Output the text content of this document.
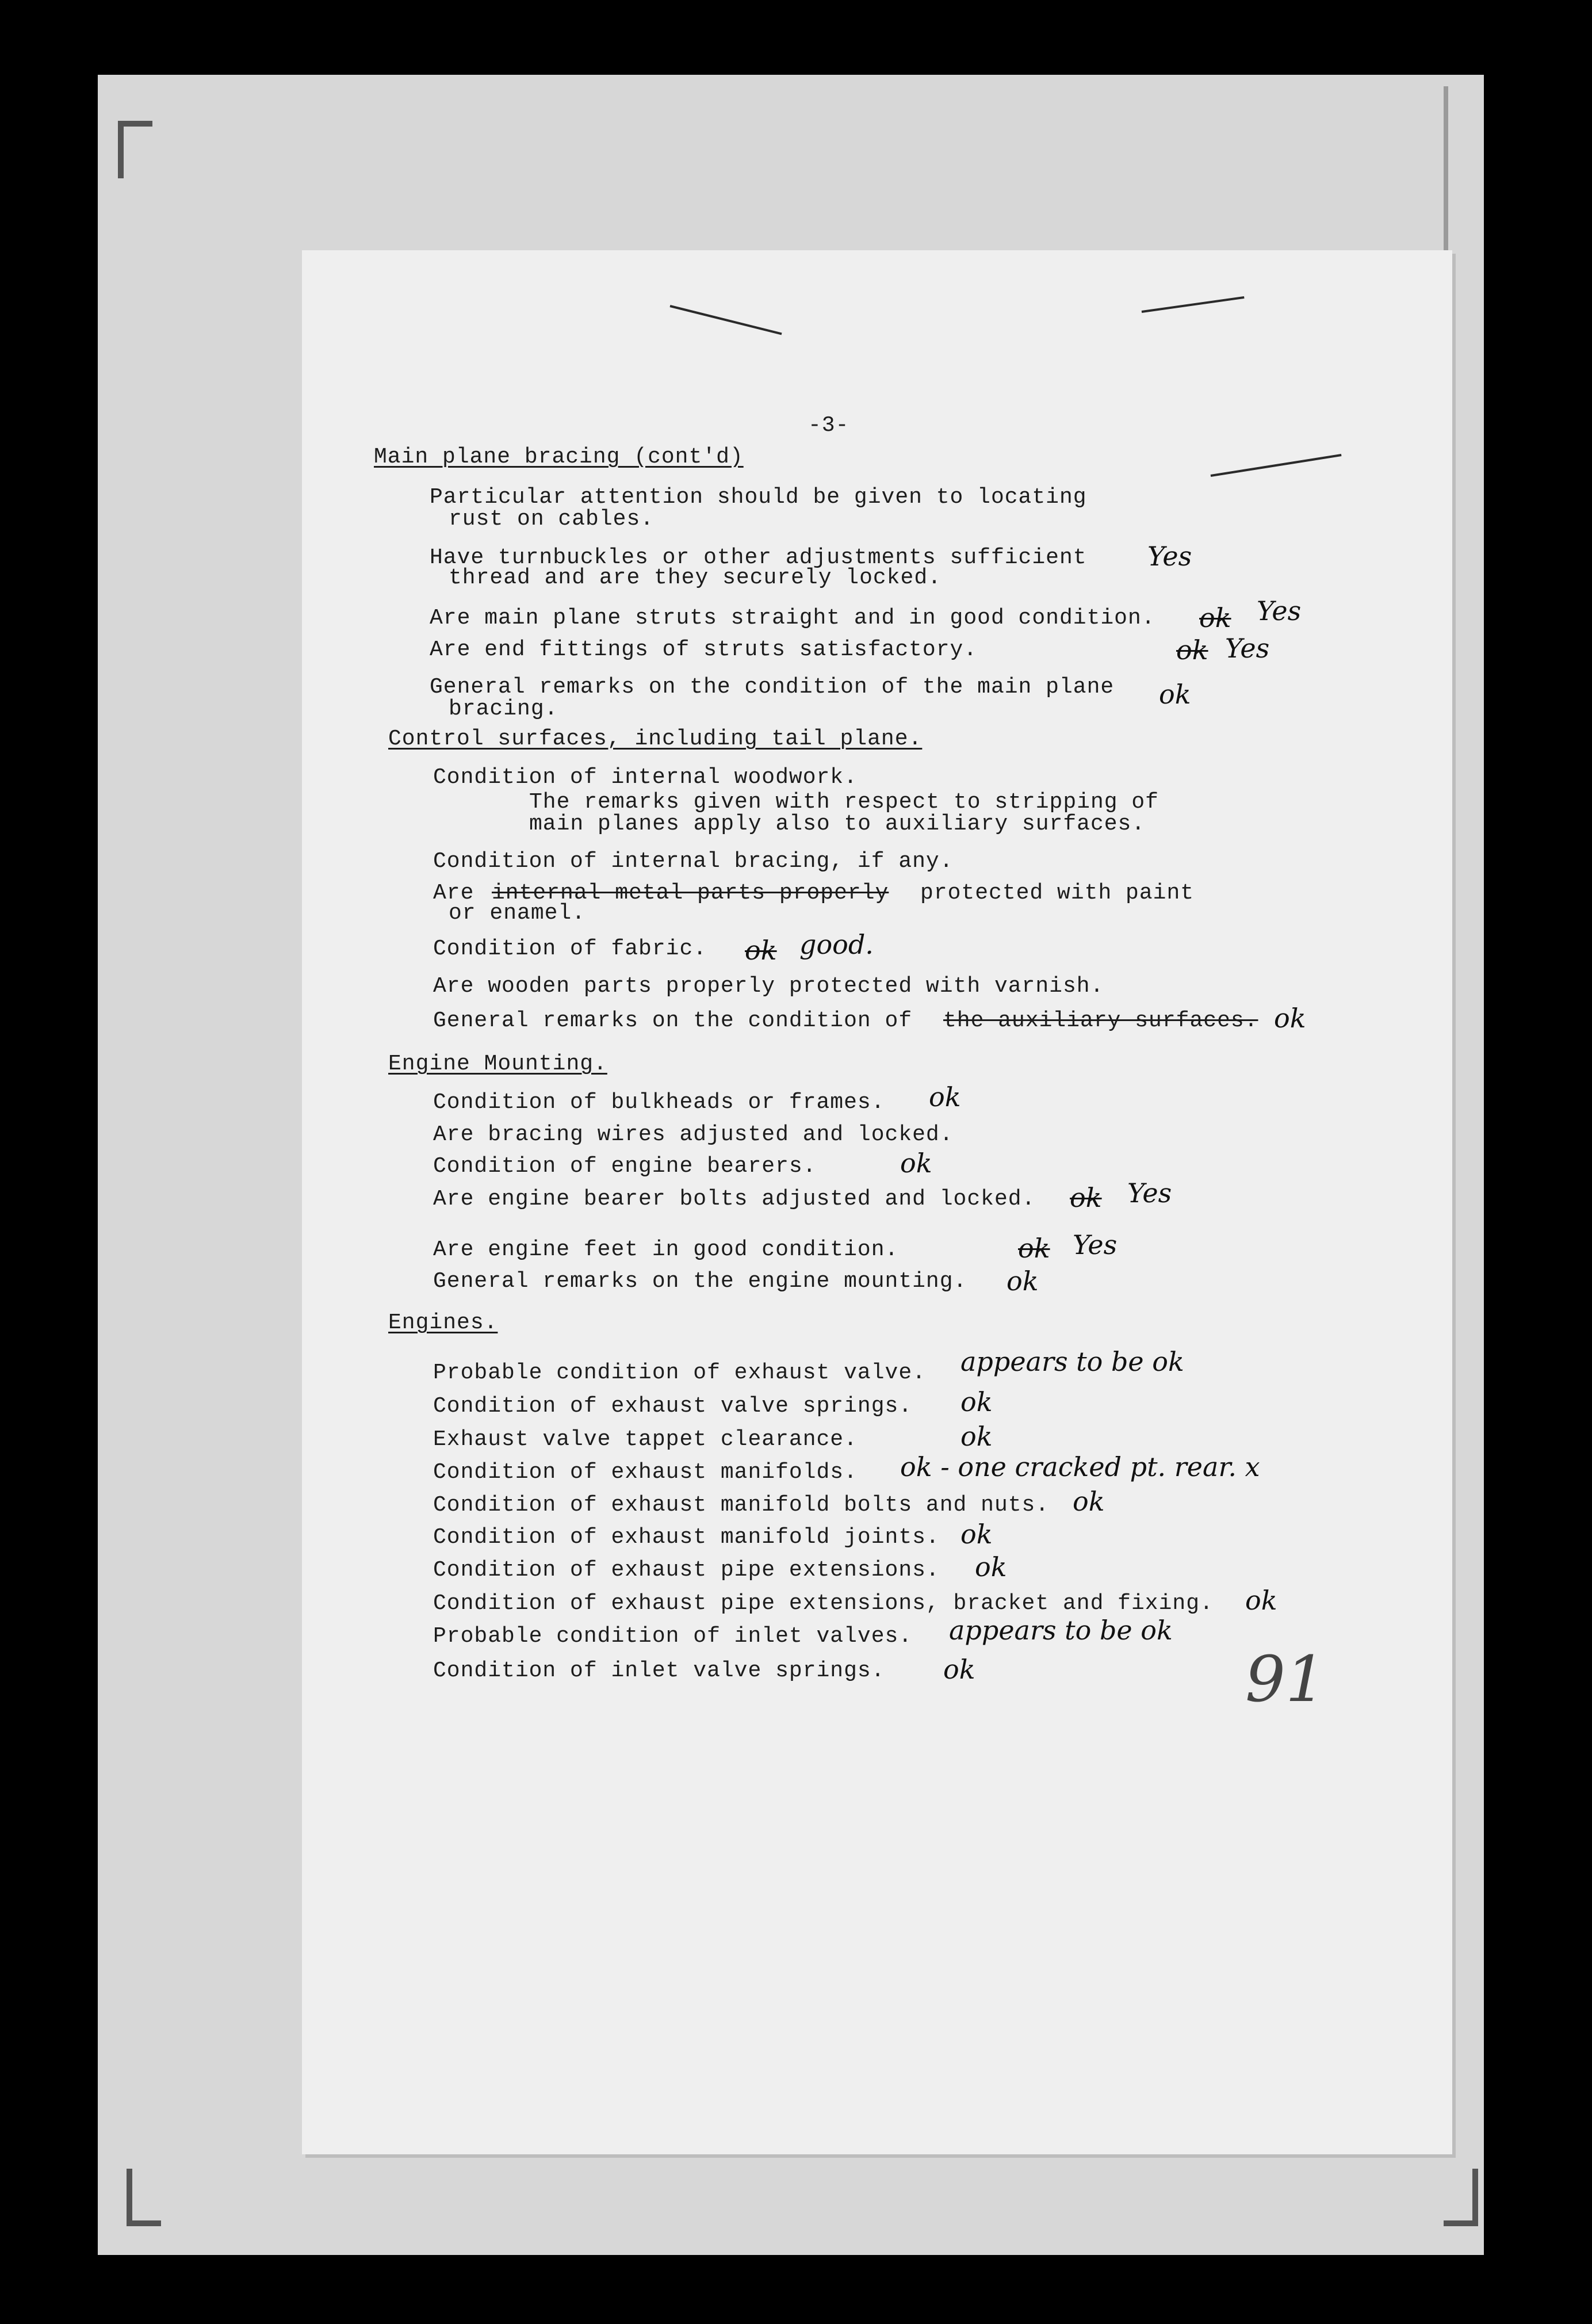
-3-
Main plane bracing (cont'd)
Particular attention should be given to locating
rust on cables.
Have turnbuckles or other adjustments sufficient
thread and are they securely locked.
Are main plane struts straight and in good condition.
Are end fittings of struts satisfactory.
General remarks on the condition of the main plane
bracing.
Yes
ok Yes
ok Yes
ok
Control surfaces, including tail plane.
Condition of internal woodwork.
The remarks given with respect to stripping of
main planes apply also to auxiliary surfaces.
Condition of internal bracing, if any.
Are internal metal parts properly protected with paint
or enamel.
Condition of fabric.
Are wooden parts properly protected with varnish.
General remarks on the condition of the auxiliary surfaces.
ok good.
ok
Engine Mounting.
Condition of bulkheads or frames.
Are bracing wires adjusted and locked.
Condition of engine bearers.
Are engine bearer bolts adjusted and locked.
Are engine feet in good condition.
General remarks on the engine mounting.
ok
ok
ok Yes
ok Yes
ok
Engines.
Probable condition of exhaust valve.
Condition of exhaust valve springs.
Exhaust valve tappet clearance.
Condition of exhaust manifolds.
Condition of exhaust manifold bolts and nuts.
Condition of exhaust manifold joints.
Condition of exhaust pipe extensions.
Condition of exhaust pipe extensions, bracket and fixing.
Probable condition of inlet valves.
Condition of inlet valve springs.
appears to be ok
ok
ok
ok - one cracked pt. rear. x
ok
ok
ok
ok
appears to be ok
ok	91
